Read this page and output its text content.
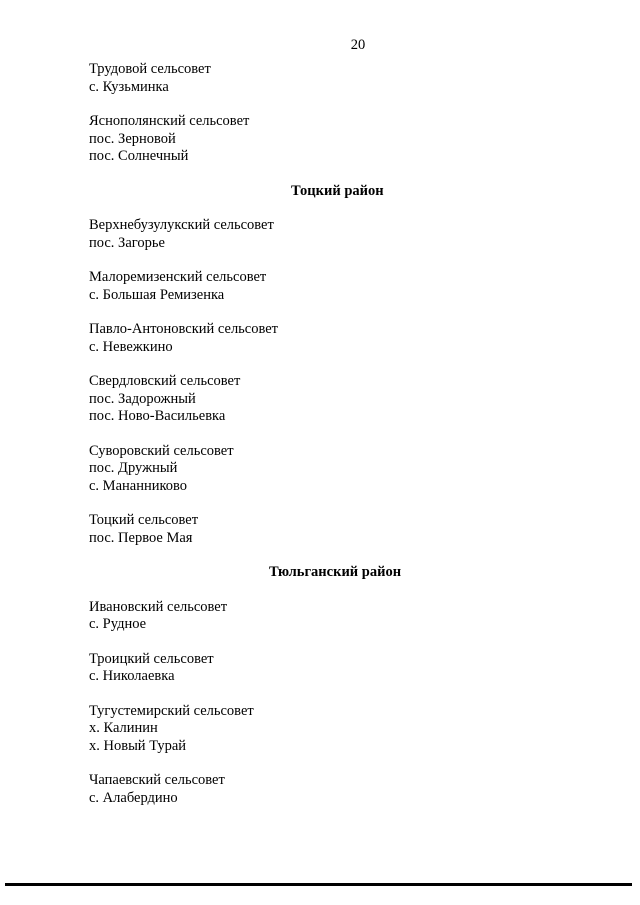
20
Трудовой сельсовет
с. Кузьминка
Яснополянский сельсовет
пос. Зерновой
пос. Солнечный
Тоцкий район
Верхнебузулукский сельсовет
пос. Загорье
Малоремизенский сельсовет
с. Большая Ремизенка
Павло-Антоновский сельсовет
с. Невежкино
Свердловский сельсовет
пос. Задорожный
пос. Ново-Васильевка
Суворовский сельсовет
пос. Дружный
с. Мананниково
Тоцкий сельсовет
пос. Первое Мая
Тюльганский район
Ивановский сельсовет
с. Рудное
Троицкий сельсовет
с. Николаевка
Тугустемирский сельсовет
х. Калинин
х. Новый Турай
Чапаевский сельсовет
с. Алабердино
